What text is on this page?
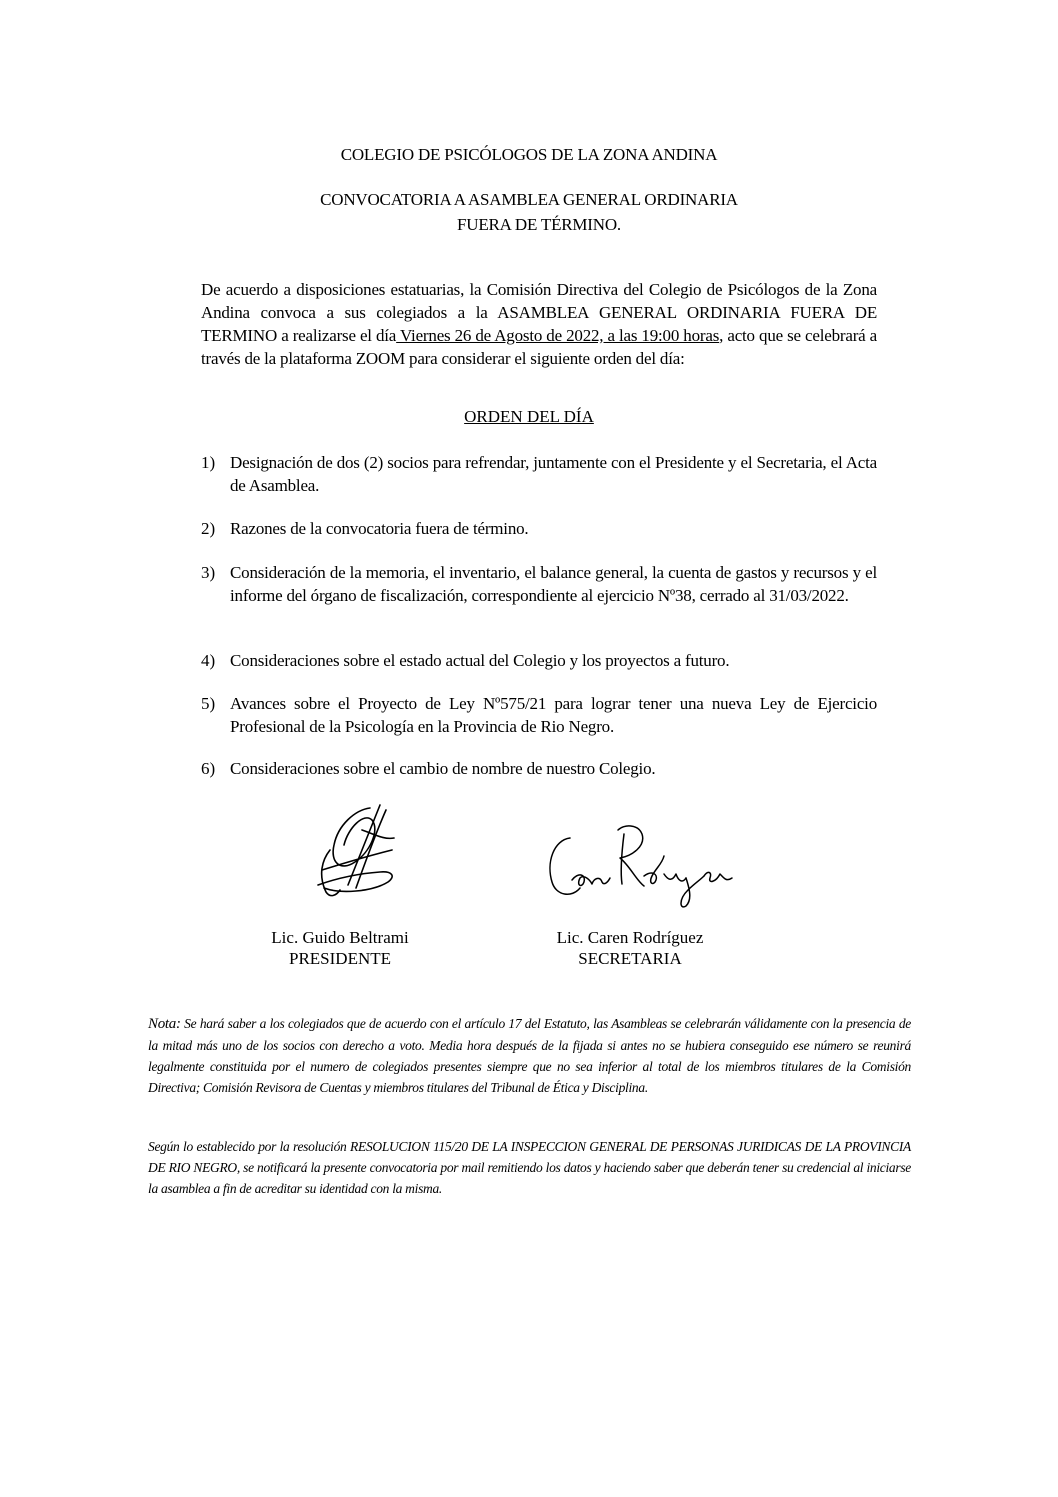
COLEGIO DE PSICÓLOGOS DE LA ZONA ANDINA
CONVOCATORIA A ASAMBLEA GENERAL ORDINARIA
FUERA DE TÉRMINO.
De acuerdo a disposiciones estatuarias, la Comisión Directiva del Colegio de Psicólogos de la Zona Andina convoca a sus colegiados a la ASAMBLEA GENERAL ORDINARIA FUERA DE TERMINO a realizarse el día Viernes 26 de Agosto de 2022, a las 19:00 horas, acto que se celebrará a través de la plataforma ZOOM para considerar el siguiente orden del día:
ORDEN DEL DÍA
1) Designación de dos (2) socios para refrendar, juntamente con el Presidente y el Secretaria, el Acta de Asamblea.
2) Razones de la convocatoria fuera de término.
3) Consideración de la memoria, el inventario, el balance general, la cuenta de gastos y recursos y el informe del órgano de fiscalización, correspondiente al ejercicio Nº38, cerrado al 31/03/2022.
4) Consideraciones sobre el estado actual del Colegio y los proyectos a futuro.
5) Avances sobre el Proyecto de Ley Nº575/21 para lograr tener una nueva Ley de Ejercicio Profesional de la Psicología en la Provincia de Rio Negro.
6) Consideraciones sobre el cambio de nombre de nuestro Colegio.
Lic. Guido Beltrami
PRESIDENTE
Lic. Caren Rodríguez
SECRETARIA
Nota: Se hará saber a los colegiados que de acuerdo con el artículo 17 del Estatuto, las Asambleas se celebrarán válidamente con la presencia de la mitad más uno de los socios con derecho a voto. Media hora después de la fijada si antes no se hubiera conseguido ese número se reunirá legalmente constituida por el numero de colegiados presentes siempre que no sea inferior al total de los miembros titulares de la Comisión Directiva; Comisión Revisora de Cuentas y miembros titulares del Tribunal de Ética y Disciplina.
Según lo establecido por la resolución RESOLUCION 115/20 DE LA INSPECCION GENERAL DE PERSONAS JURIDICAS DE LA PROVINCIA DE RIO NEGRO, se notificará la presente convocatoria por mail remitiendo los datos y haciendo saber que deberán tener su credencial al iniciarse la asamblea a fin de acreditar su identidad con la misma.
